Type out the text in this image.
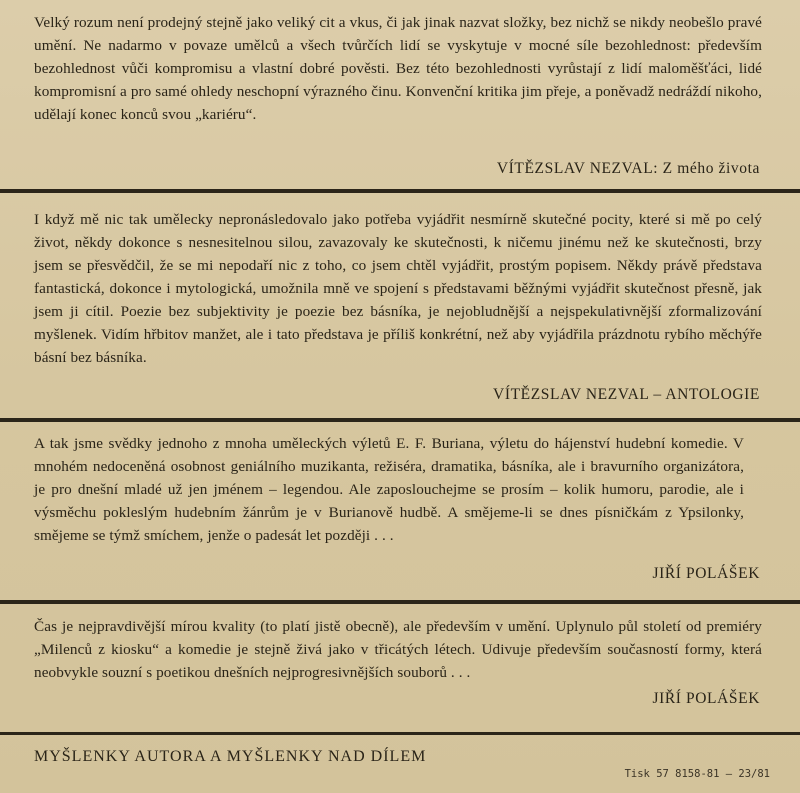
Velký rozum není prodejný stejně jako veliký cit a vkus, či jak jinak nazvat složky, bez nichž se nikdy neobešlo pravé umění. Ne nadarmo v povaze umělců a všech tvůrčích lidí se vyskytuje v mocné síle bezohlednost: především bezohlednost vůči kompromisu a vlastní dobré pověsti. Bez této bezohlednosti vyrůstají z lidí maloměšťáci, lidé kompromisní a pro samé ohledy neschopní výrazného činu. Konvenční kritika jim přeje, a poněvadž nedráždí nikoho, udělají konec konců svou „kariéru“.

VÍTĚZSLAV NEZVAL: Z mého života

I když mě nic tak umělecky nepronásledovalo jako potřeba vyjádřit nesmírně skutečné pocity, které si mě po celý život, někdy dokonce s nesnesitelnou silou, zavazovaly ke skutečnosti, k ničemu jinému než ke skutečnosti, brzy jsem se přesvědčil, že se mi nepodaří nic z toho, co jsem chtěl vyjádřit, prostým popisem. Někdy právě představa fantastická, dokonce i mytologická, umožnila mně ve spojení s představami běžnými vyjádřit skutečnost přesně, jak jsem ji cítil. Poezie bez subjektivity je poezie bez básníka, je nejobludnější a nejspekulativnější zformalizování myšlenek. Vidím hřbitov manžet, ale i tato představa je příliš konkrétní, než aby vyjádřila prázdnotu rybího měchýře básní bez básníka.

VÍTĚZSLAV NEZVAL – ANTOLOGIE

A tak jsme svědky jednoho z mnoha uměleckých výletů E. F. Buriana, výletu do hájenství hudební komedie. V mnohém nedoceněná osobnost geniálního muzikanta, režiséra, dramatika, básníka, ale i bravurního organizátora, je pro dnešní mladé už jen jménem – legendou. Ale zaposlouchejme se prosím – kolik humoru, parodie, ale i výsměchu pokleslým hudebním žánrům je v Burianově hudbě. A smějeme-li se dnes písničkám z Ypsilonky, smějeme se týmž smíchem, jenže o padesát let později . . .

JIŘÍ POLÁŠEK

Čas je nejpravdivější mírou kvality (to platí jistě obecně), ale především v umění. Uplynulo půl století od premiéry „Milenců z kiosku“ a komedie je stejně živá jako v třicátých létech. Udivuje především současností formy, která neobvykle souzní s poetikou dnešních nejprogresivnějších souborů . . .

JIŘÍ POLÁŠEK

MYŠLENKY AUTORA A MYŠLENKY NAD DÍLEM

Tisk 57 8158-81 — 23/81
